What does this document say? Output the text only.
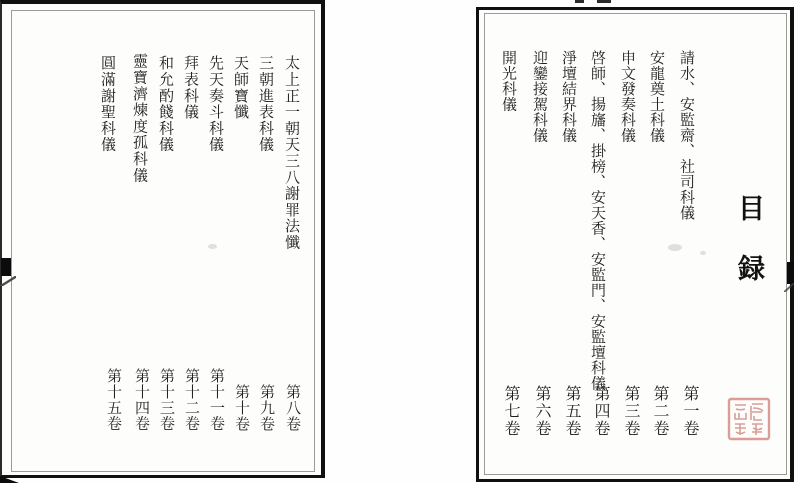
目録
請水、安監齋、社司科儀
安龍奠土科儀
申文發奏科儀
啓師、揚旛、掛榜、安天香、安監門、安監壇科儀
淨壇結界科儀
迎鑾接駕科儀
開光科儀
第一卷
第二卷
第三卷
第四卷
第五卷
第六卷
第七卷
太上正一朝天三八謝罪法懺
三朝進表科儀
天師寶懺
先天奏斗科儀
拜表科儀
和允酌餞科儀
靈寶濟煉度孤科儀
圓滿謝聖科儀
第八卷
第九卷
第十卷
第十一卷
第十二卷
第十三卷
第十四卷
第十五卷
